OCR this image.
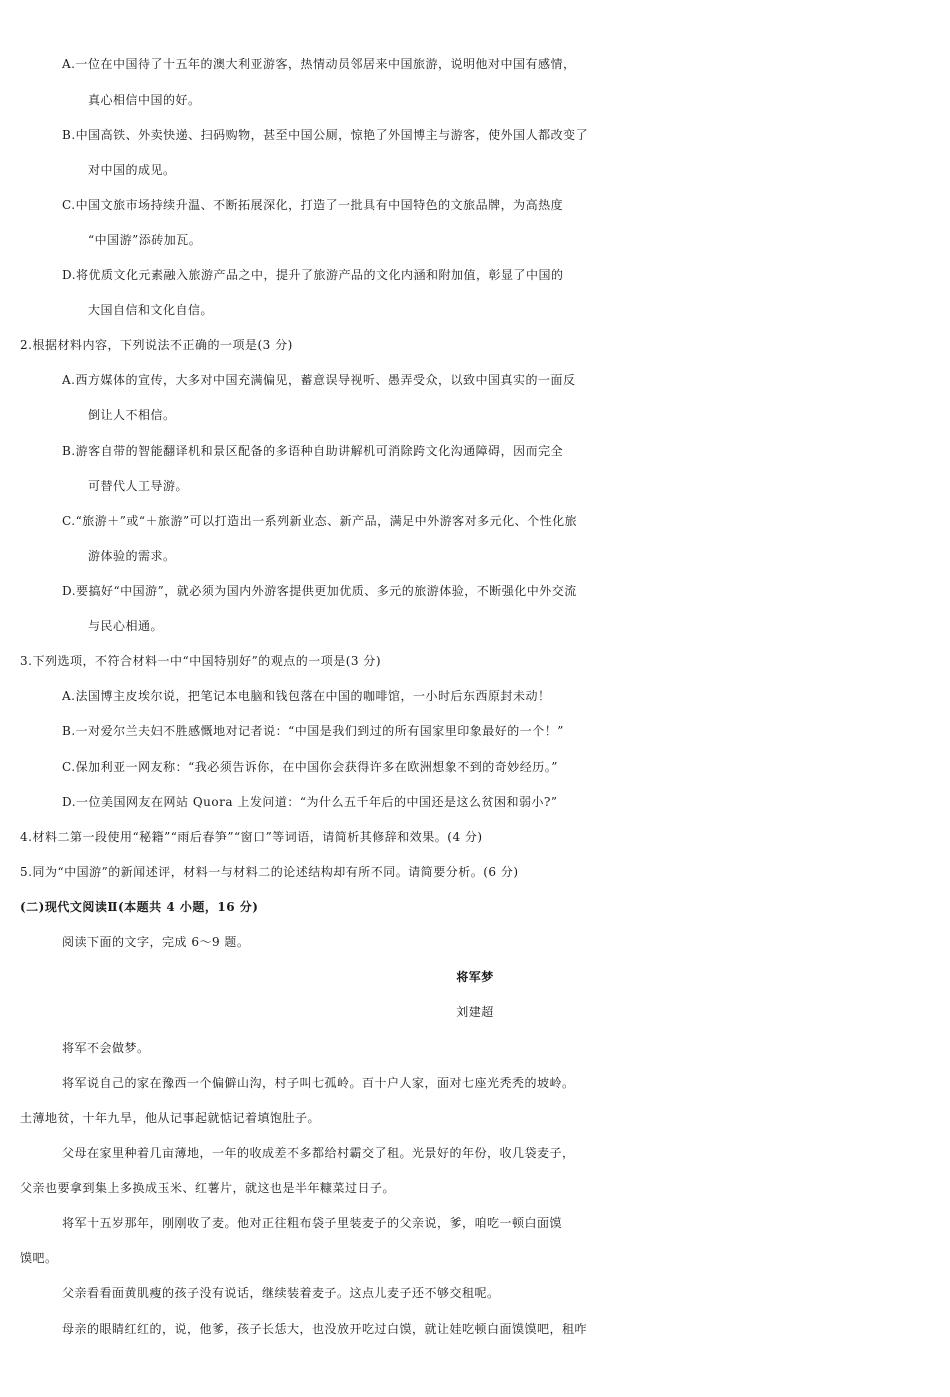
A.一位在中国待了十五年的澳大利亚游客，热情动员邻居来中国旅游，说明他对中国有感情，
真心相信中国的好。
B.中国高铁、外卖快递、扫码购物，甚至中国公厕，惊艳了外国博主与游客，使外国人都改变了
对中国的成见。
C.中国文旅市场持续升温、不断拓展深化，打造了一批具有中国特色的文旅品牌，为高热度
“中国游”添砖加瓦。
D.将优质文化元素融入旅游产品之中，提升了旅游产品的文化内涵和附加值，彰显了中国的
大国自信和文化自信。
2.根据材料内容，下列说法不正确的一项是(3 分)
A.西方媒体的宣传，大多对中国充满偏见，蓄意误导视听、愚弄受众，以致中国真实的一面反
倒让人不相信。
B.游客自带的智能翻译机和景区配备的多语种自助讲解机可消除跨文化沟通障碍，因而完全
可替代人工导游。
C.“旅游＋”或“＋旅游”可以打造出一系列新业态、新产品，满足中外游客对多元化、个性化旅
游体验的需求。
D.要搞好“中国游”，就必须为国内外游客提供更加优质、多元的旅游体验，不断强化中外交流
与民心相通。
3.下列选项，不符合材料一中“中国特别好”的观点的一项是(3 分)
A.法国博主皮埃尔说，把笔记本电脑和钱包落在中国的咖啡馆，一小时后东西原封未动！
B.一对爱尔兰夫妇不胜感慨地对记者说：“中国是我们到过的所有国家里印象最好的一个！”
C.保加利亚一网友称：“我必须告诉你，在中国你会获得许多在欧洲想象不到的奇妙经历。”
D.一位美国网友在网站 Quora 上发问道：“为什么五千年后的中国还是这么贫困和弱小?”
4.材料二第一段使用“秘籍”“雨后春笋”“窗口”等词语，请简析其修辞和效果。(4 分)
5.同为“中国游”的新闻述评，材料一与材料二的论述结构却有所不同。请简要分析。(6 分)
(二)现代文阅读Ⅱ(本题共 4 小题，16 分)
阅读下面的文字，完成 6～9 题。
将军梦
刘建超
将军不会做梦。
将军说自己的家在豫西一个偏僻山沟，村子叫七孤岭。百十户人家，面对七座光秃秃的坡岭。
土薄地贫，十年九旱，他从记事起就惦记着填饱肚子。
父母在家里种着几亩薄地，一年的收成差不多都给村霸交了租。光景好的年份，收几袋麦子，
父亲也要拿到集上多换成玉米、红薯片，就这也是半年糠菜过日子。
将军十五岁那年，刚刚收了麦。他对正往粗布袋子里装麦子的父亲说，爹，咱吃一顿白面馍
馍吧。
父亲看看面黄肌瘦的孩子没有说话，继续装着麦子。这点儿麦子还不够交租呢。
母亲的眼睛红红的，说，他爹，孩子长恁大，也没放开吃过白馍，就让娃吃顿白面馍馍吧，租咋
